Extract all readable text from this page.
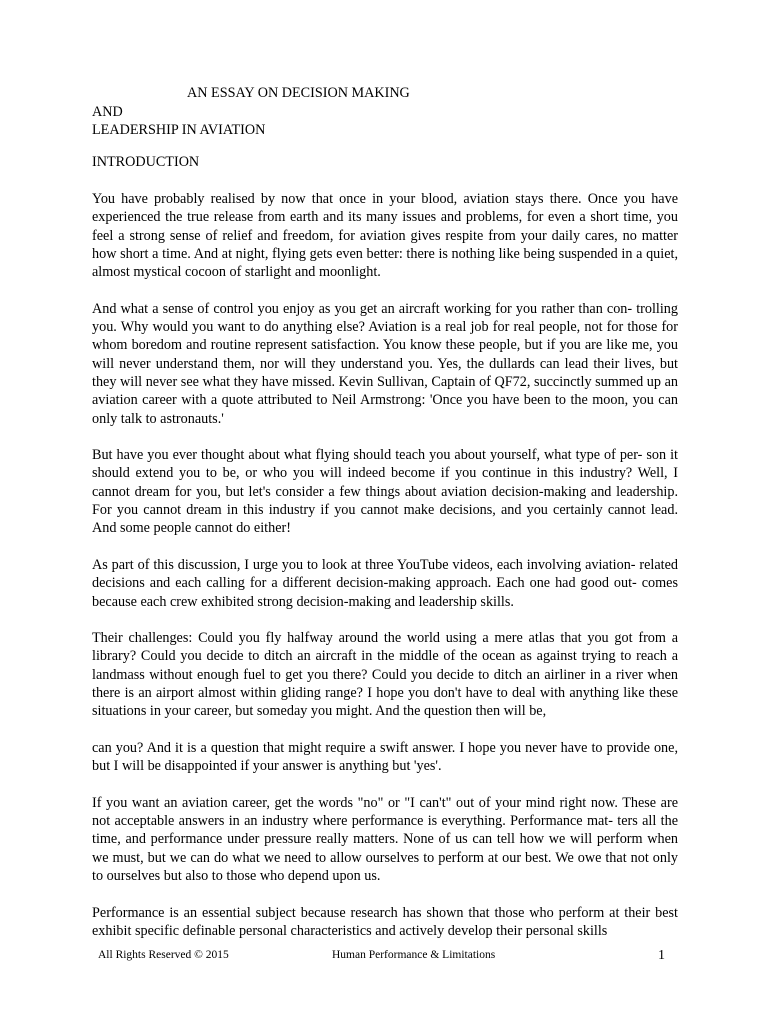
AN ESSAY ON DECISION MAKING
AND
LEADERSHIP IN AVIATION
INTRODUCTION

You have probably realised by now that once in your blood, aviation stays there. Once you have experienced the true release from earth and its many issues and problems, for even a short time, you feel a strong sense of relief and freedom, for aviation gives respite from your daily cares, no matter how short a time. And at night, flying gets even better: there is nothing like being suspended in a quiet, almost mystical cocoon of starlight and moonlight.

And what a sense of control you enjoy as you get an aircraft working for you rather than con- trolling you. Why would you want to do anything else? Aviation is a real job for real people, not for those for whom boredom and routine represent satisfaction. You know these people, but if you are like me, you will never understand them, nor will they understand you. Yes, the dullards can lead their lives, but they will never see what they have missed. Kevin Sullivan, Captain of QF72, succinctly summed up an aviation career with a quote attributed to Neil Armstrong: 'Once you have been to the moon, you can only talk to astronauts.'

But have you ever thought about what flying should teach you about yourself, what type of per- son it should extend you to be, or who you will indeed become if you continue in this industry? Well, I cannot dream for you, but let's consider a few things about aviation decision-making and leadership. For you cannot dream in this industry if you cannot make decisions, and you certainly cannot lead. And some people cannot do either!

As part of this discussion, I urge you to look at three YouTube videos, each involving aviation- related decisions and each calling for a different decision-making approach. Each one had good out- comes because each crew exhibited strong decision-making and leadership skills.

Their challenges: Could you fly halfway around the world using a mere atlas that you got from a library? Could you decide to ditch an aircraft in the middle of the ocean as against trying to reach a landmass without enough fuel to get you there? Could you decide to ditch an airliner in a river when there is an airport almost within gliding range? I hope you don't have to deal with anything like these situations in your career, but someday you might. And the question then will be,

can you? And it is a question that might require a swift answer. I hope you never have to provide one, but I will be disappointed if your answer is anything but 'yes'.

If you want an aviation career, get the words "no" or "I can't" out of your mind right now. These are not acceptable answers in an industry where performance is everything. Performance mat- ters all the time, and performance under pressure really matters. None of us can tell how we will perform when we must, but we can do what we need to allow ourselves to perform at our best. We owe that not only to ourselves but also to those who depend upon us.

Performance is an essential subject because research has shown that those who perform at their best exhibit specific definable personal characteristics and actively develop their personal skills

All Rights Reserved © 2015	Human Performance & Limitations	1
